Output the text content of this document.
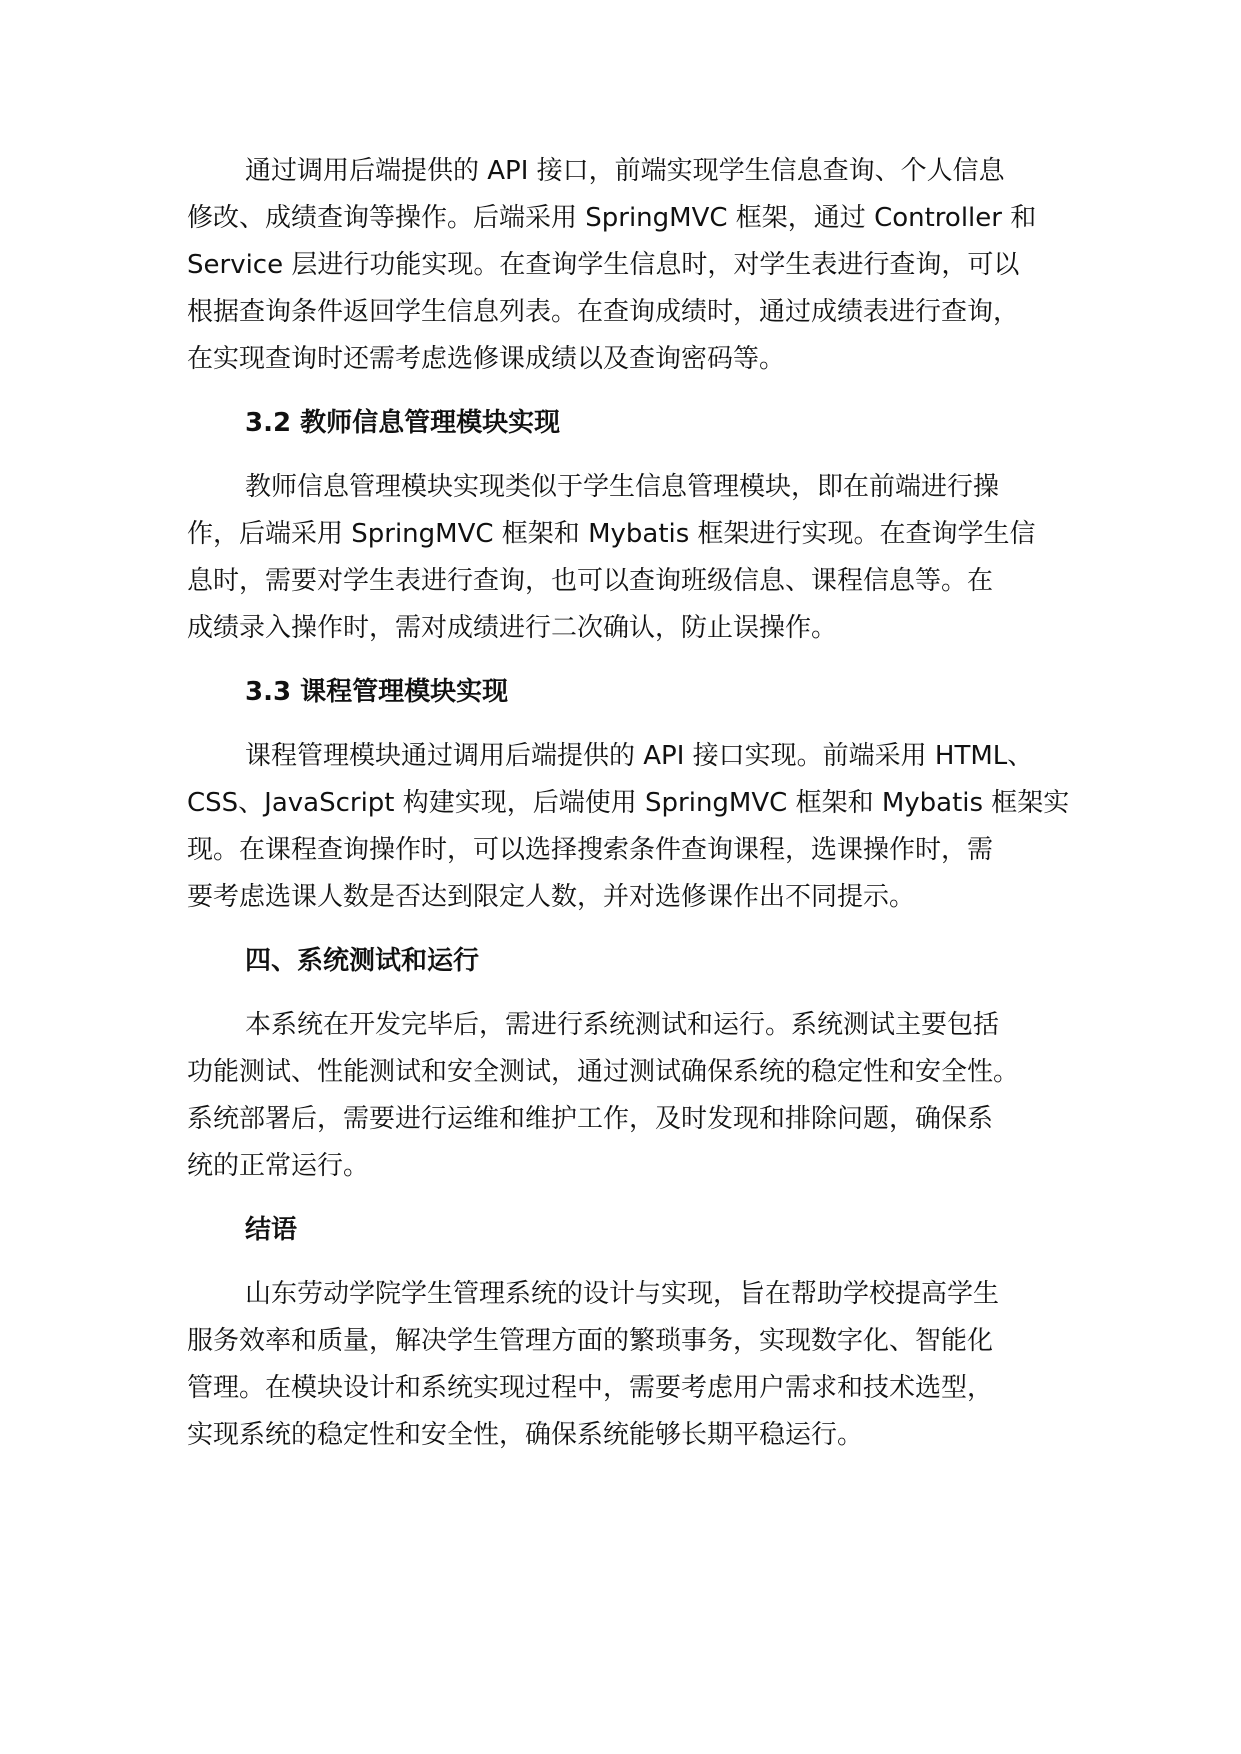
通过调用后端提供的 API 接口，前端实现学生信息查询、个人信息
修改、成绩查询等操作。后端采用 SpringMVC 框架，通过 Controller 和
Service 层进行功能实现。在查询学生信息时，对学生表进行查询，可以
根据查询条件返回学生信息列表。在查询成绩时，通过成绩表进行查询，
在实现查询时还需考虑选修课成绩以及查询密码等。

3.2 教师信息管理模块实现

教师信息管理模块实现类似于学生信息管理模块，即在前端进行操
作，后端采用 SpringMVC 框架和 Mybatis 框架进行实现。在查询学生信
息时，需要对学生表进行查询，也可以查询班级信息、课程信息等。在
成绩录入操作时，需对成绩进行二次确认，防止误操作。

3.3 课程管理模块实现

课程管理模块通过调用后端提供的 API 接口实现。前端采用 HTML、
CSS、JavaScript 构建实现，后端使用 SpringMVC 框架和 Mybatis 框架实
现。在课程查询操作时，可以选择搜索条件查询课程，选课操作时，需
要考虑选课人数是否达到限定人数，并对选修课作出不同提示。

四、系统测试和运行

本系统在开发完毕后，需进行系统测试和运行。系统测试主要包括
功能测试、性能测试和安全测试，通过测试确保系统的稳定性和安全性。
系统部署后，需要进行运维和维护工作，及时发现和排除问题，确保系
统的正常运行。

结语

山东劳动学院学生管理系统的设计与实现，旨在帮助学校提高学生
服务效率和质量，解决学生管理方面的繁琐事务，实现数字化、智能化
管理。在模块设计和系统实现过程中，需要考虑用户需求和技术选型，
实现系统的稳定性和安全性，确保系统能够长期平稳运行。
